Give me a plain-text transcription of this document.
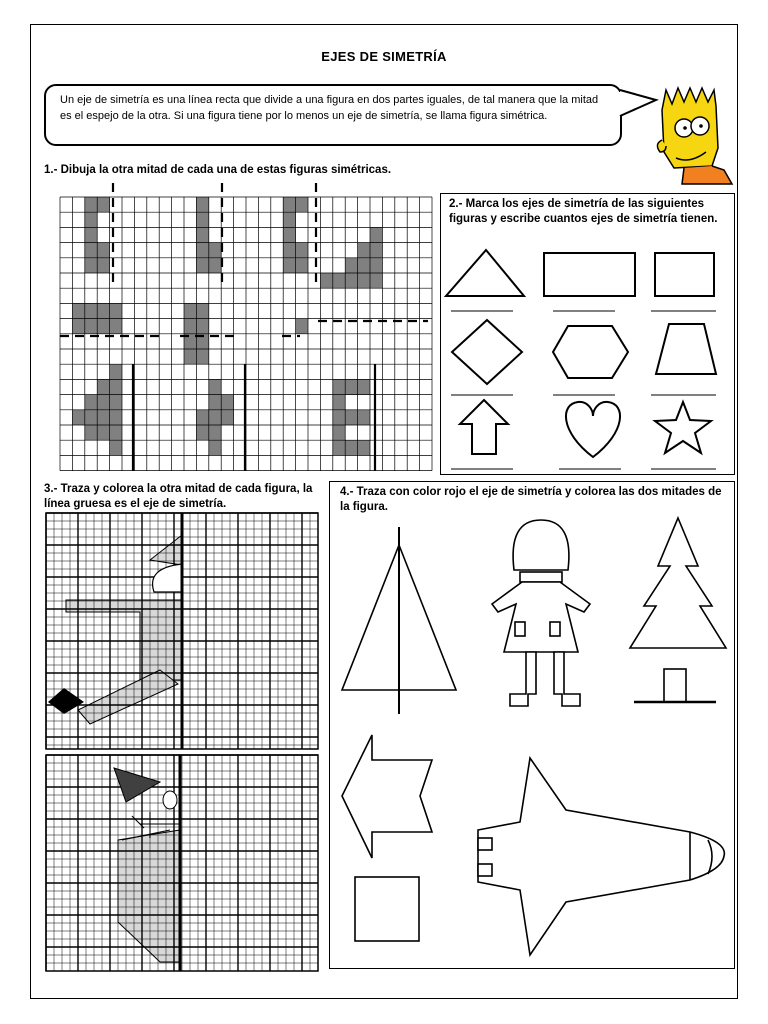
EJES DE SIMETRÍA
Un eje de simetría es una línea recta que divide a una figura en dos partes iguales, de tal manera que la mitad es el espejo de la otra. Si una figura tiene por lo menos un eje de simetría, se llama figura simétrica.
1.- Dibuja la otra mitad de cada una de estas figuras simétricas.
2.- Marca los ejes de simetría de las siguientes figuras y escribe cuantos ejes de simetría tienen.
3.- Traza y colorea la otra mitad de cada figura, la línea gruesa es el eje de simetría.
4.- Traza con color rojo el eje de simetría y colorea las dos mitades de la figura.
